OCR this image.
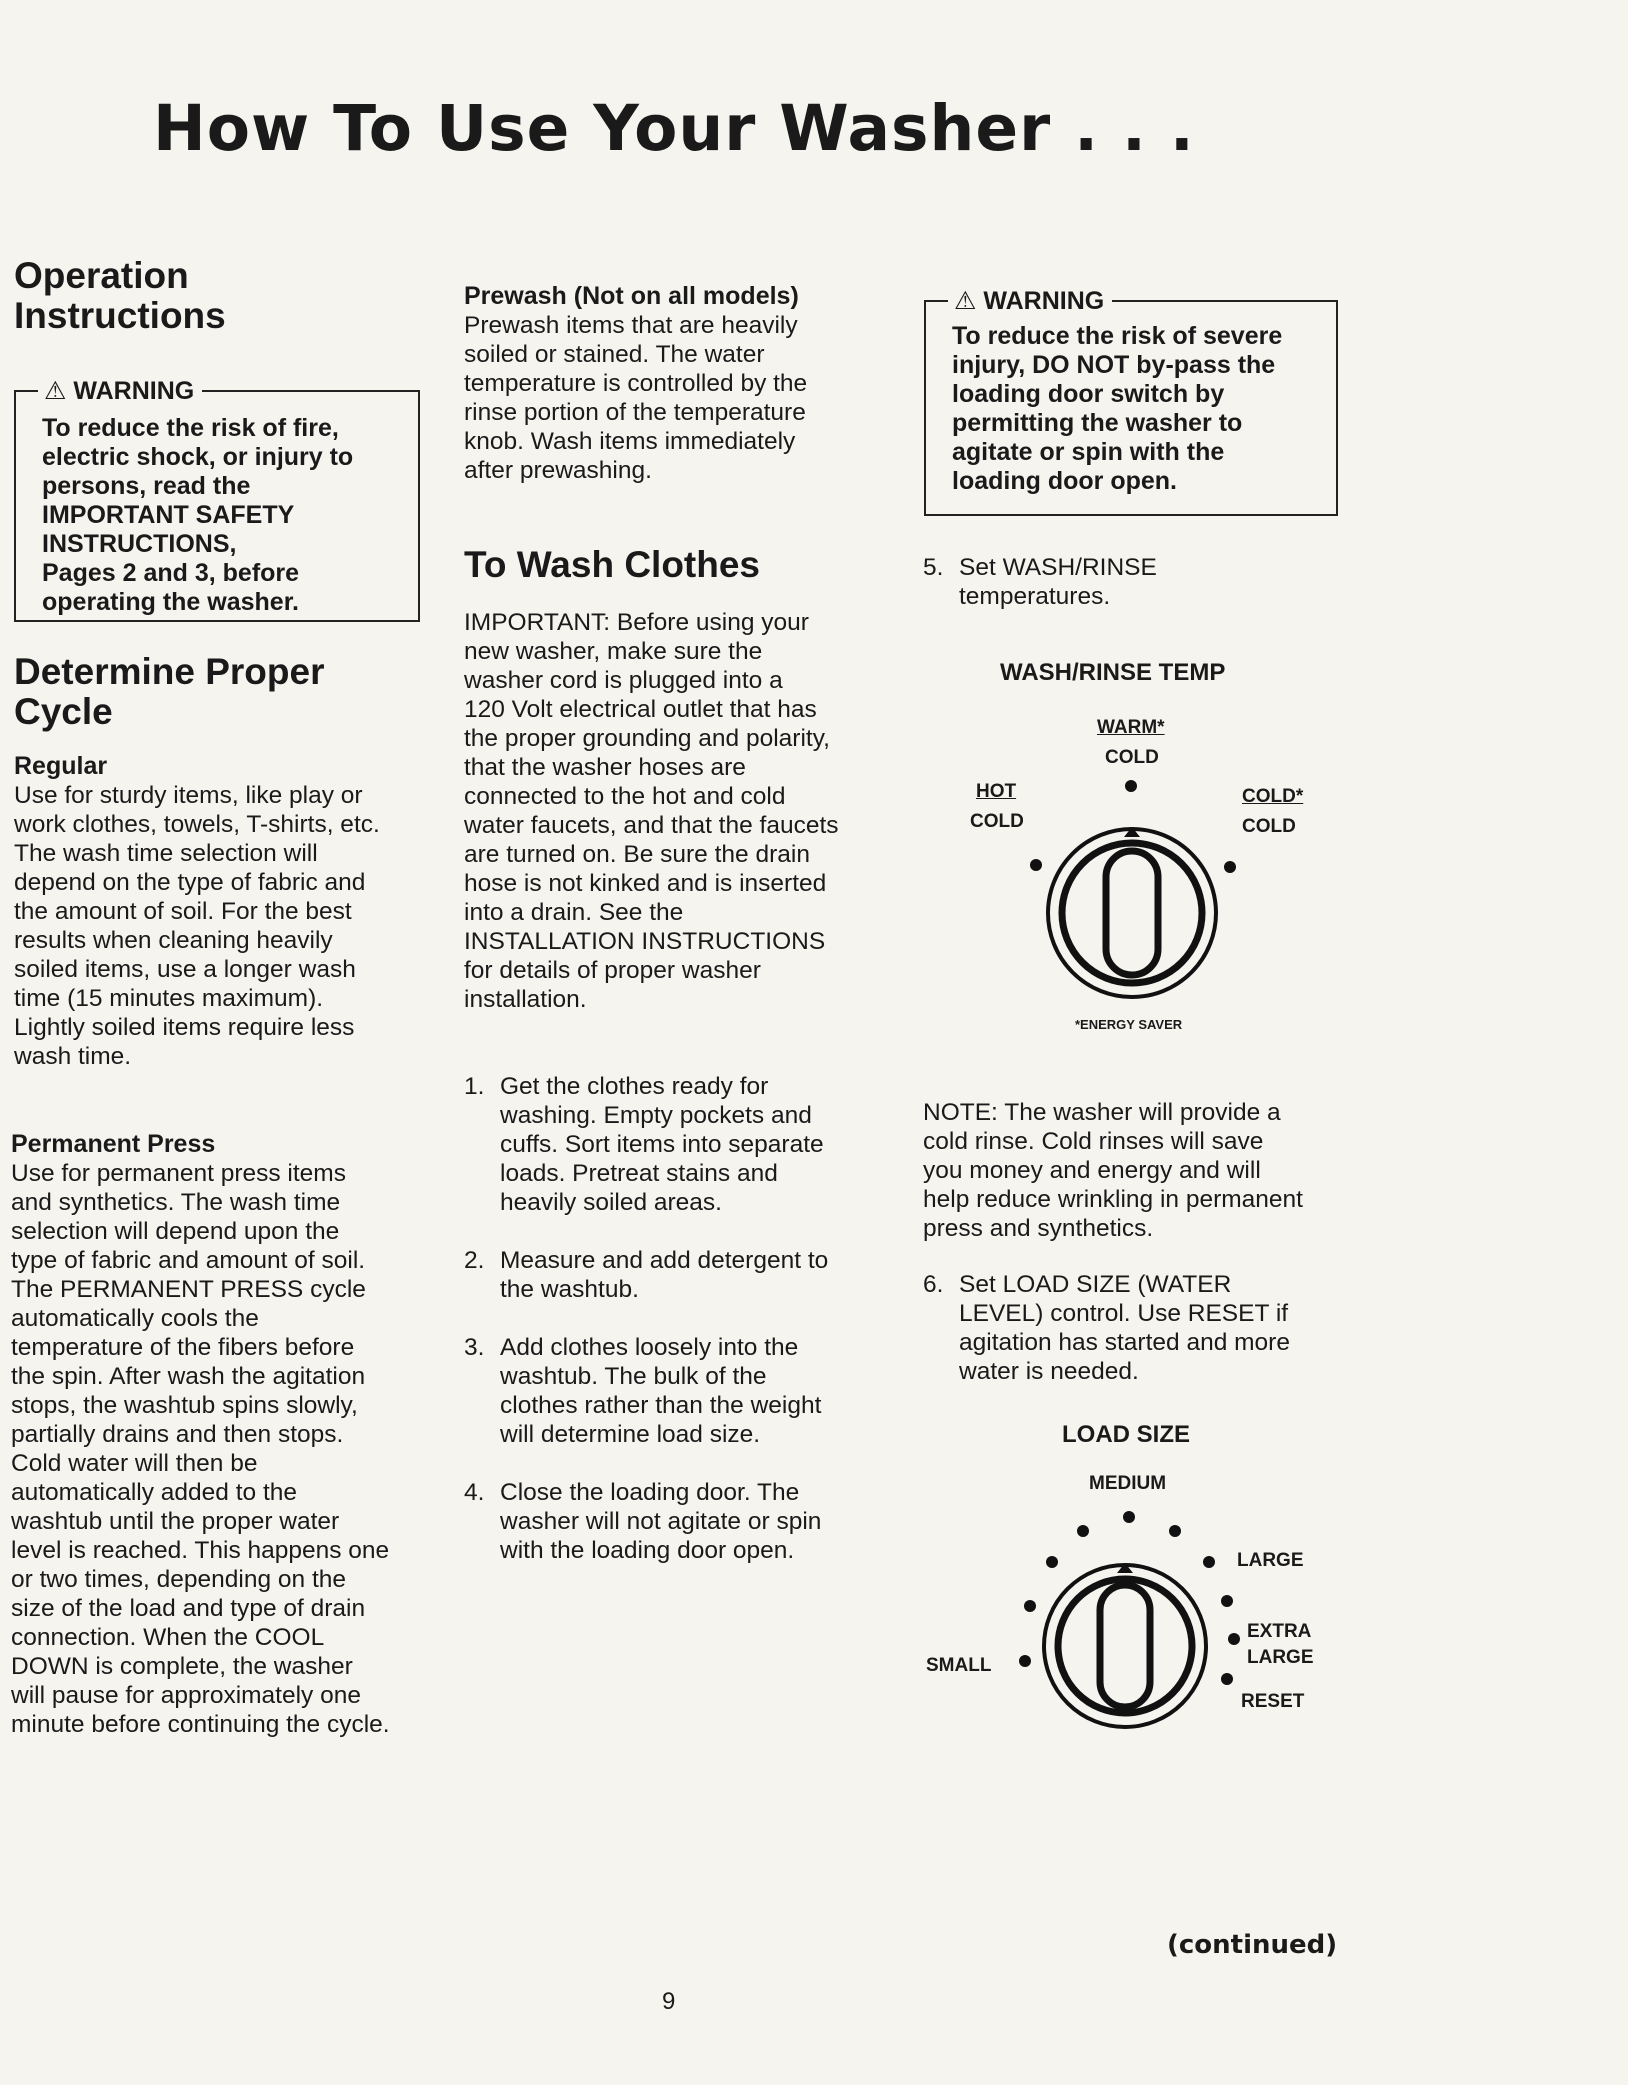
How To Use Your Washer . . .
Operation
Instructions
⚠ WARNING
To reduce the risk of fire,
electric shock, or injury to
persons, read the
IMPORTANT SAFETY
INSTRUCTIONS,
Pages 2 and 3, before
operating the washer.
Determine Proper
Cycle
Regular
Use for sturdy items, like play or
work clothes, towels, T-shirts, etc.
The wash time selection will
depend on the type of fabric and
the amount of soil. For the best
results when cleaning heavily
soiled items, use a longer wash
time (15 minutes maximum).
Lightly soiled items require less
wash time.
Permanent Press
Use for permanent press items
and synthetics. The wash time
selection will depend upon the
type of fabric and amount of soil.
The PERMANENT PRESS cycle
automatically cools the
temperature of the fibers before
the spin. After wash the agitation
stops, the washtub spins slowly,
partially drains and then stops.
Cold water will then be
automatically added to the
washtub until the proper water
level is reached. This happens one
or two times, depending on the
size of the load and type of drain
connection. When the COOL
DOWN is complete, the washer
will pause for approximately one
minute before continuing the cycle.
Prewash (Not on all models)
Prewash items that are heavily
soiled or stained. The water
temperature is controlled by the
rinse portion of the temperature
knob. Wash items immediately
after prewashing.
To Wash Clothes
IMPORTANT: Before using your
new washer, make sure the
washer cord is plugged into a
120 Volt electrical outlet that has
the proper grounding and polarity,
that the washer hoses are
connected to the hot and cold
water faucets, and that the faucets
are turned on. Be sure the drain
hose is not kinked and is inserted
into a drain. See the
INSTALLATION INSTRUCTIONS
for details of proper washer
installation.
1. Get the clothes ready for
washing. Empty pockets and
cuffs. Sort items into separate
loads. Pretreat stains and
heavily soiled areas.
2. Measure and add detergent to
the washtub.
3. Add clothes loosely into the
washtub. The bulk of the
clothes rather than the weight
will determine load size.
4. Close the loading door. The
washer will not agitate or spin
with the loading door open.
⚠ WARNING
To reduce the risk of severe
injury, DO NOT by-pass the
loading door switch by
permitting the washer to
agitate or spin with the
loading door open.
5. Set WASH/RINSE
temperatures.
WASH/RINSE TEMP
WARM*
COLD
HOT
COLD
COLD*
COLD
*ENERGY SAVER
NOTE: The washer will provide a
cold rinse. Cold rinses will save
you money and energy and will
help reduce wrinkling in permanent
press and synthetics.
6. Set LOAD SIZE (WATER
LEVEL) control. Use RESET if
agitation has started and more
water is needed.
LOAD SIZE
MEDIUM
LARGE
EXTRA
LARGE
SMALL
RESET
(continued)
9
